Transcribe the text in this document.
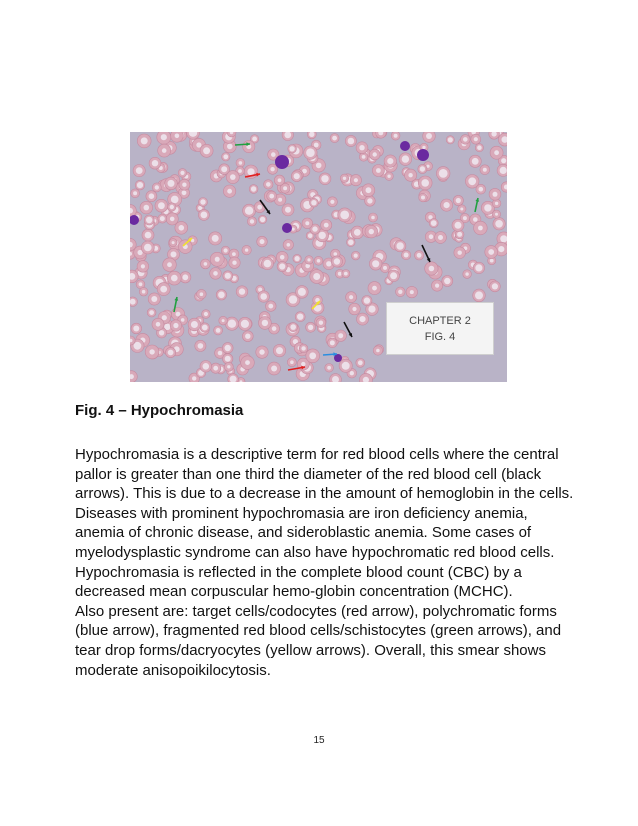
CHAPTER 2
FIG. 4
Fig. 4 – Hypochromasia

Hypochromasia is a descriptive term for red blood cells where the central pallor is greater than one third the diameter of the red blood cell (black arrows). This is due to a decrease in the amount of hemoglobin in the cells. Diseases with prominent hypochromasia are iron deficiency anemia, anemia of chronic disease, and sideroblastic anemia. Some cases of myelodysplastic syndrome can also have hypochromatic red blood cells. Hypochromasia is reflected in the complete blood count (CBC) by a decreased mean corpuscular hemo-globin concentration (MCHC).

Also present are: target cells/codocytes (red arrow), polychromatic forms (blue arrow), fragmented red blood cells/schistocytes (green arrows), and tear drop forms/dacryocytes (yellow arrows). Overall, this smear shows moderate anisopoikilocytosis.

15
